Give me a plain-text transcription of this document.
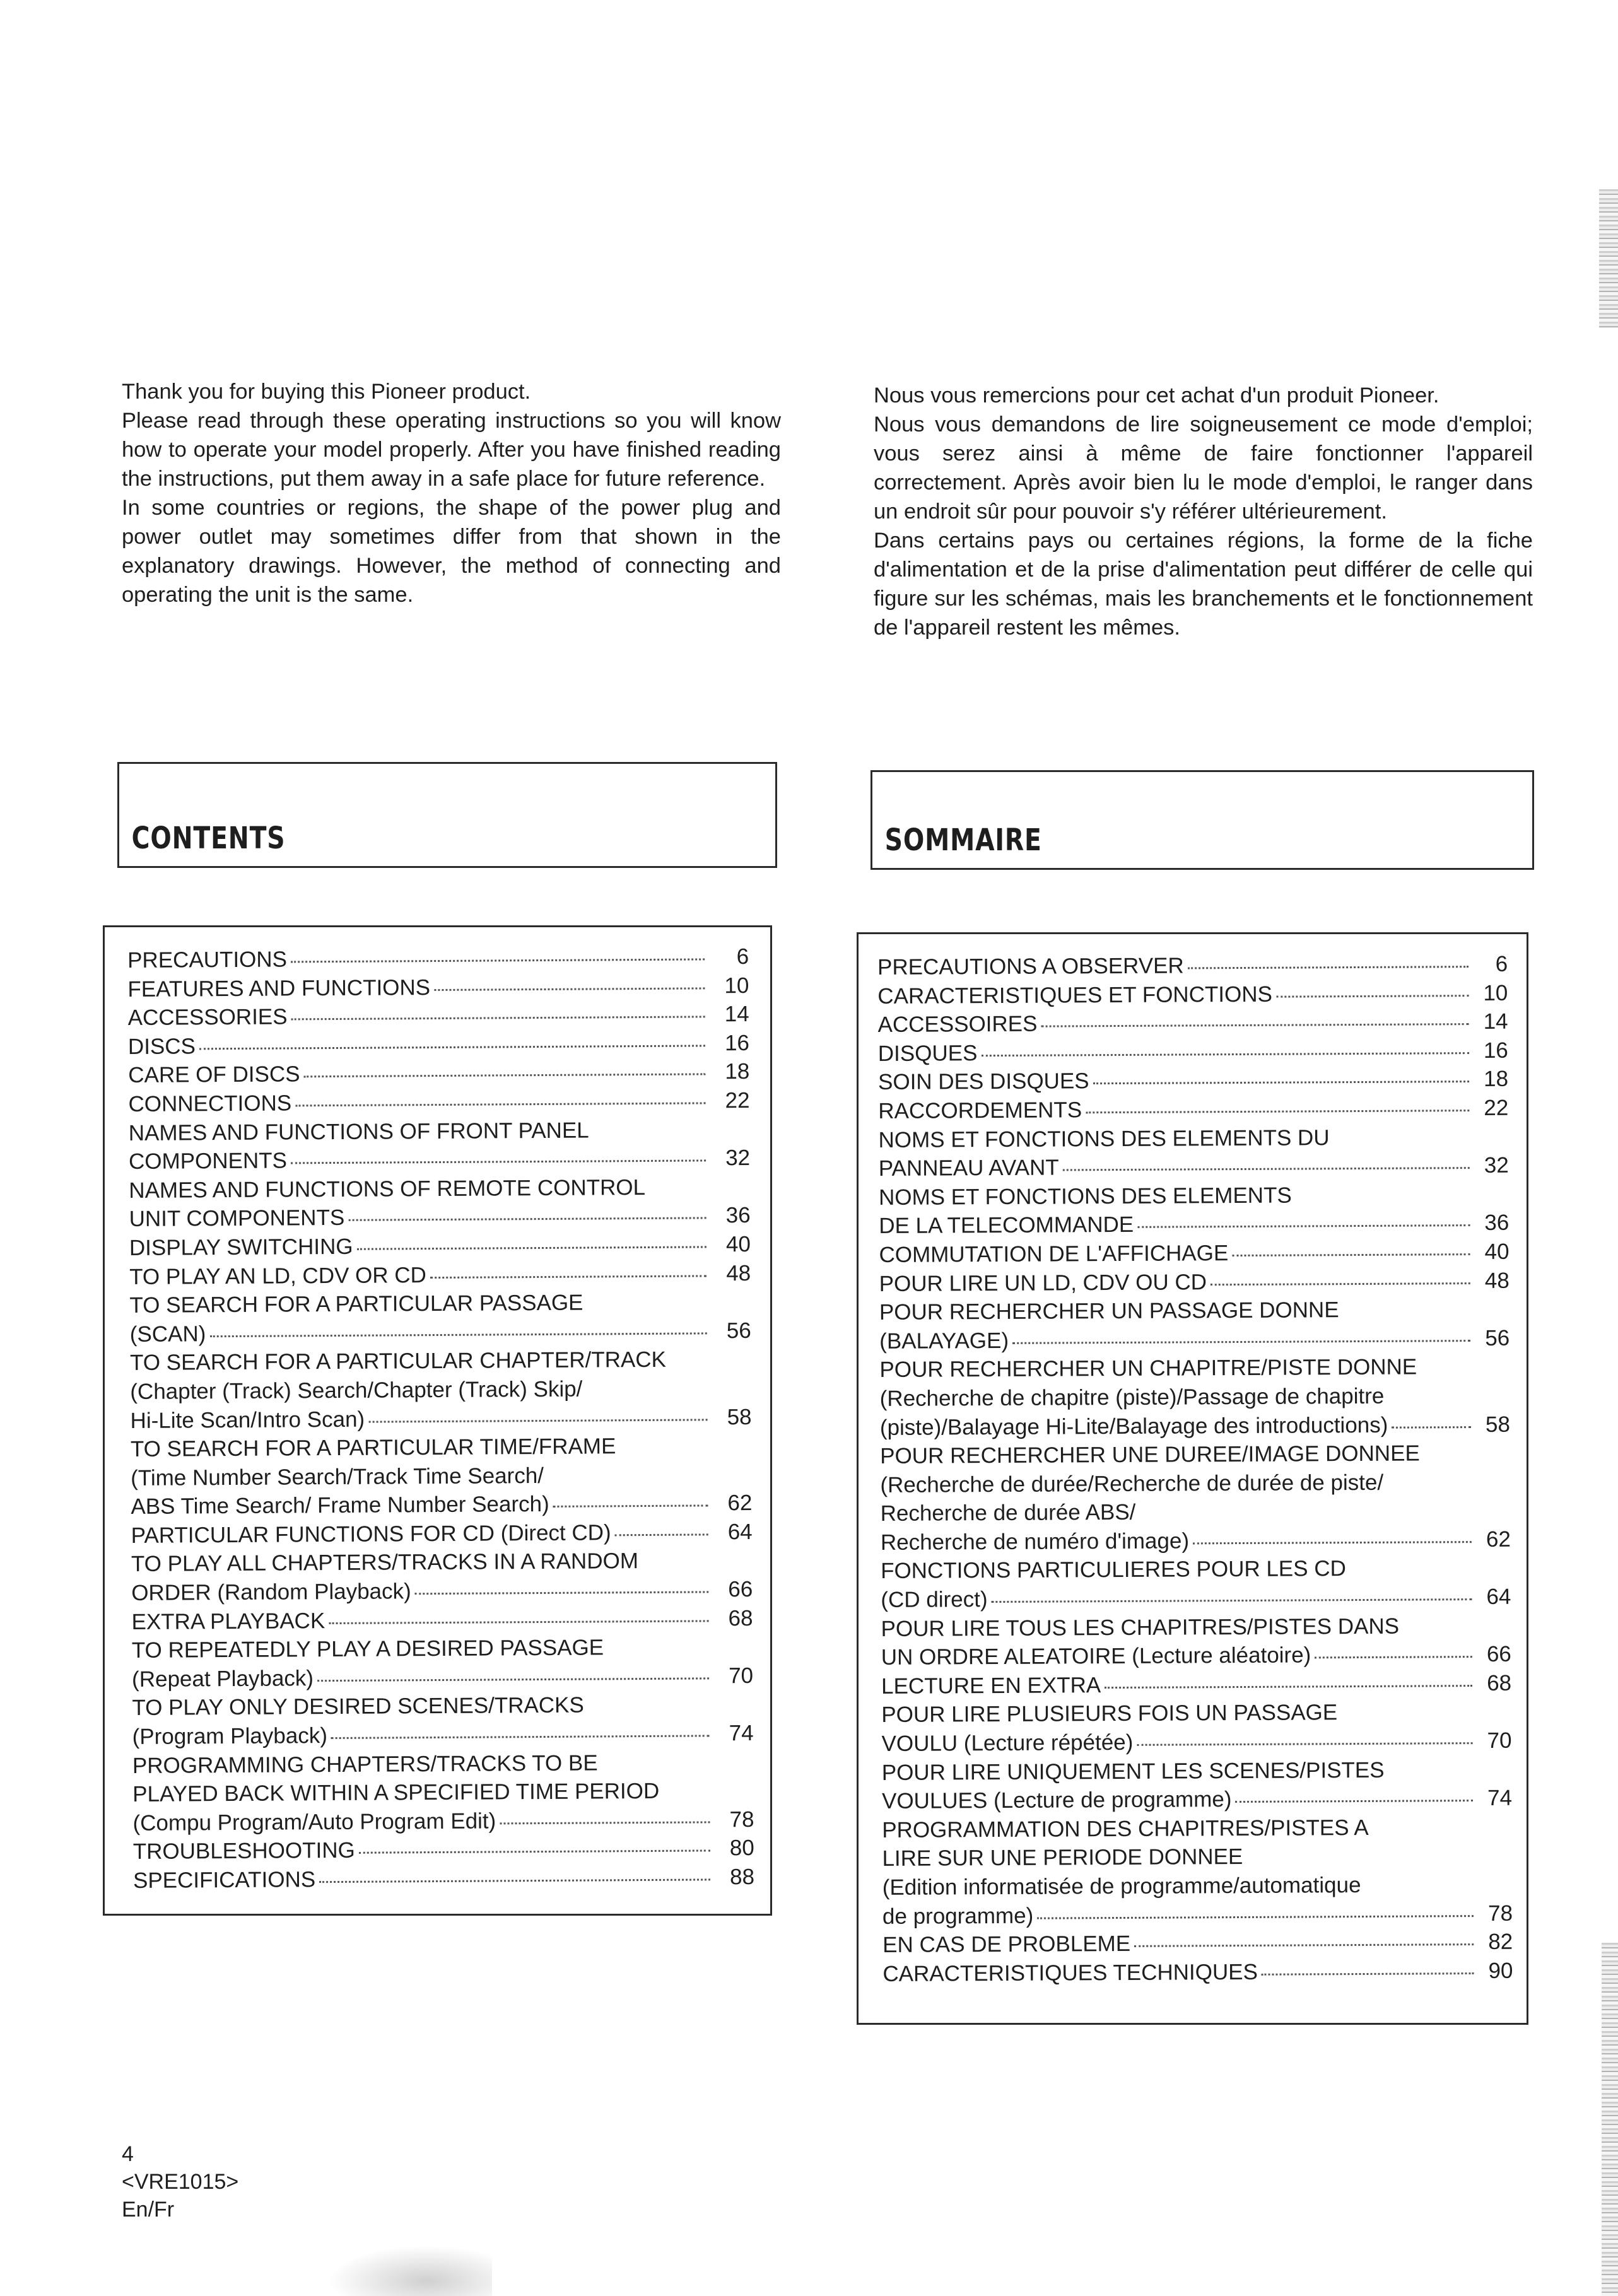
Thank you for buying this Pioneer product.

Please read through these operating instructions so you will know how to operate your model properly. After you have finished reading the instructions, put them away in a safe place for future reference.

In some countries or regions, the shape of the power plug and power outlet may sometimes differ from that shown in the explanatory drawings. However, the method of connecting and operating the unit is the same.

Nous vous remercions pour cet achat d'un produit Pioneer.

Nous vous demandons de lire soigneusement ce mode d'emploi; vous serez ainsi à même de faire fonctionner l'appareil correctement. Après avoir bien lu le mode d'emploi, le ranger dans un endroit sûr pour pouvoir s'y référer ultérieurement.

Dans certains pays ou certaines régions, la forme de la fiche d'alimentation et de la prise d'alimentation peut différer de celle qui figure sur les schémas, mais les branchements et le fonctionnement de l'appareil restent les mêmes.

CONTENTS	SOMMAIRE
PRECAUTIONS	6
FEATURES AND FUNCTIONS	10
ACCESSORIES	14
DISCS	16
CARE OF DISCS	18
CONNECTIONS	22
NAMES AND FUNCTIONS OF FRONT PANEL
COMPONENTS	32
NAMES AND FUNCTIONS OF REMOTE CONTROL
UNIT COMPONENTS	36
DISPLAY SWITCHING	40
TO PLAY AN LD, CDV OR CD	48
TO SEARCH FOR A PARTICULAR PASSAGE
(SCAN)	56
TO SEARCH FOR A PARTICULAR CHAPTER/TRACK
(Chapter (Track) Search/Chapter (Track) Skip/
Hi-Lite Scan/Intro Scan)	58
TO SEARCH FOR A PARTICULAR TIME/FRAME
(Time Number Search/Track Time Search/
ABS Time Search/ Frame Number Search)	62
PARTICULAR FUNCTIONS FOR CD (Direct CD)	64
TO PLAY ALL CHAPTERS/TRACKS IN A RANDOM
ORDER (Random Playback)	66
EXTRA PLAYBACK	68
TO REPEATEDLY PLAY A DESIRED PASSAGE
(Repeat Playback)	70
TO PLAY ONLY DESIRED SCENES/TRACKS
(Program Playback)	74
PROGRAMMING CHAPTERS/TRACKS TO BE
PLAYED BACK WITHIN A SPECIFIED TIME PERIOD
(Compu Program/Auto Program Edit)	78
TROUBLESHOOTING	80
SPECIFICATIONS	88
PRECAUTIONS A OBSERVER	6
CARACTERISTIQUES ET FONCTIONS	10
ACCESSOIRES	14
DISQUES	16
SOIN DES DISQUES	18
RACCORDEMENTS	22
NOMS ET FONCTIONS DES ELEMENTS DU
PANNEAU AVANT	32
NOMS ET FONCTIONS DES ELEMENTS
DE LA TELECOMMANDE	36
COMMUTATION DE L'AFFICHAGE	40
POUR LIRE UN LD, CDV OU CD	48
POUR RECHERCHER UN PASSAGE DONNE
(BALAYAGE)	56
POUR RECHERCHER UN CHAPITRE/PISTE DONNE
(Recherche de chapitre (piste)/Passage de chapitre
(piste)/Balayage Hi-Lite/Balayage des introductions)	58
POUR RECHERCHER UNE DUREE/IMAGE DONNEE
(Recherche de durée/Recherche de durée de piste/
Recherche de durée ABS/
Recherche de numéro d'image)	62
FONCTIONS PARTICULIERES POUR LES CD
(CD direct)	64
POUR LIRE TOUS LES CHAPITRES/PISTES DANS
UN ORDRE ALEATOIRE (Lecture aléatoire)	66
LECTURE EN EXTRA	68
POUR LIRE PLUSIEURS FOIS UN PASSAGE
VOULU (Lecture répétée)	70
POUR LIRE UNIQUEMENT LES SCENES/PISTES
VOULUES (Lecture de programme)	74
PROGRAMMATION DES CHAPITRES/PISTES A
LIRE SUR UNE PERIODE DONNEE
(Edition informatisée de programme/automatique
de programme)	78
EN CAS DE PROBLEME	82
CARACTERISTIQUES TECHNIQUES	90
4
<VRE1015>
En/Fr
